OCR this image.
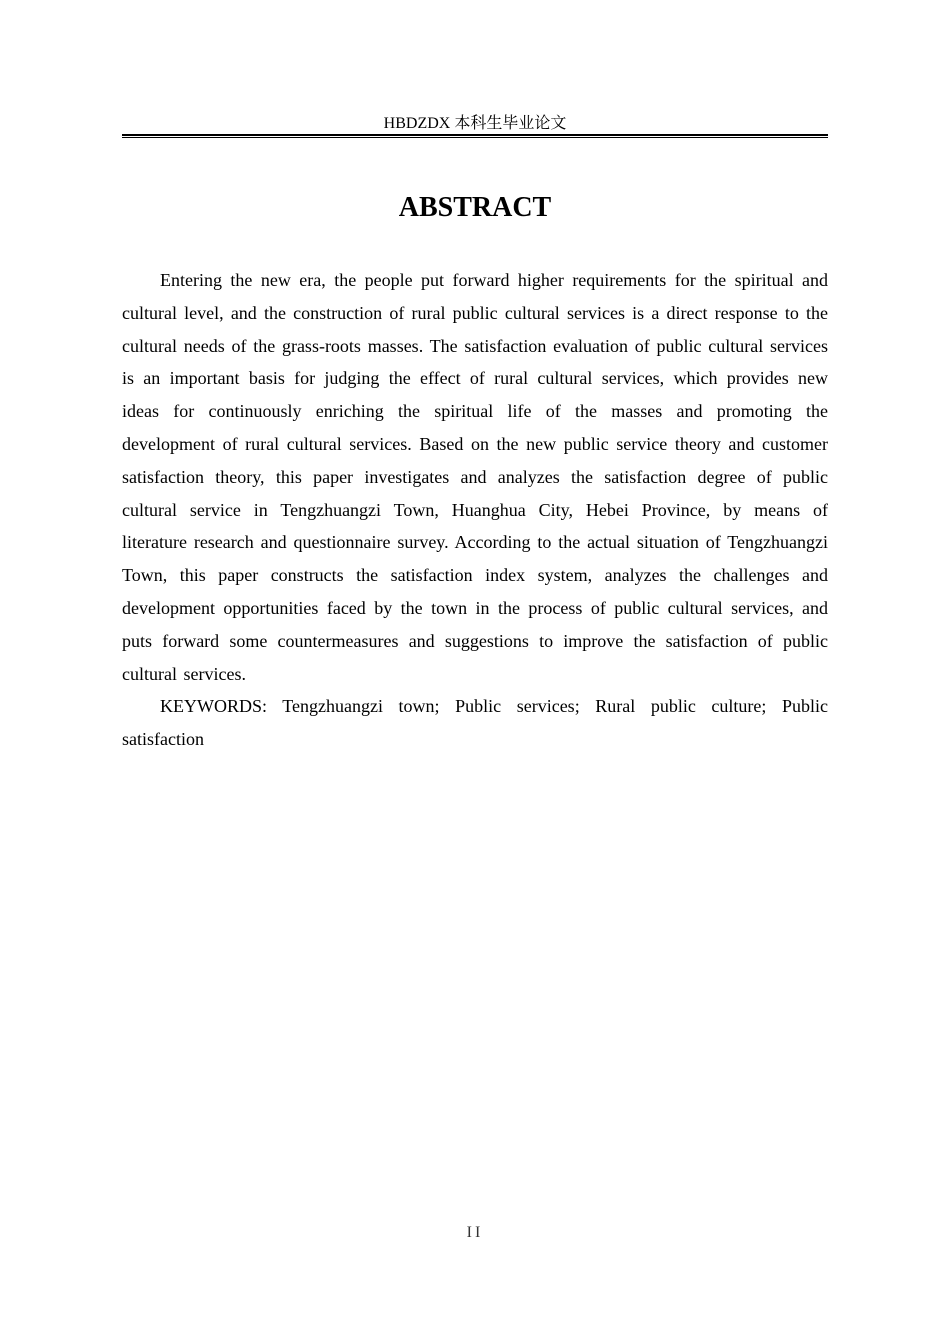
HBDZDX 本科生毕业论文
ABSTRACT

Entering the new era, the people put forward higher requirements for the spiritual and cultural level, and the construction of rural public cultural services is a direct response to the cultural needs of the grass-roots masses. The satisfaction evaluation of public cultural services is an important basis for judging the effect of rural cultural services, which provides new ideas for continuously enriching the spiritual life of the masses and promoting the development of rural cultural services. Based on the new public service theory and customer satisfaction theory, this paper investigates and analyzes the satisfaction degree of public cultural service in Tengzhuangzi Town, Huanghua City, Hebei Province, by means of literature research and questionnaire survey. According to the actual situation of Tengzhuangzi Town, this paper constructs the satisfaction index system, analyzes the challenges and development opportunities faced by the town in the process of public cultural services, and puts forward some countermeasures and suggestions to improve the satisfaction of public cultural services.

KEYWORDS: Tengzhuangzi town; Public services; Rural public culture; Public satisfaction

II
